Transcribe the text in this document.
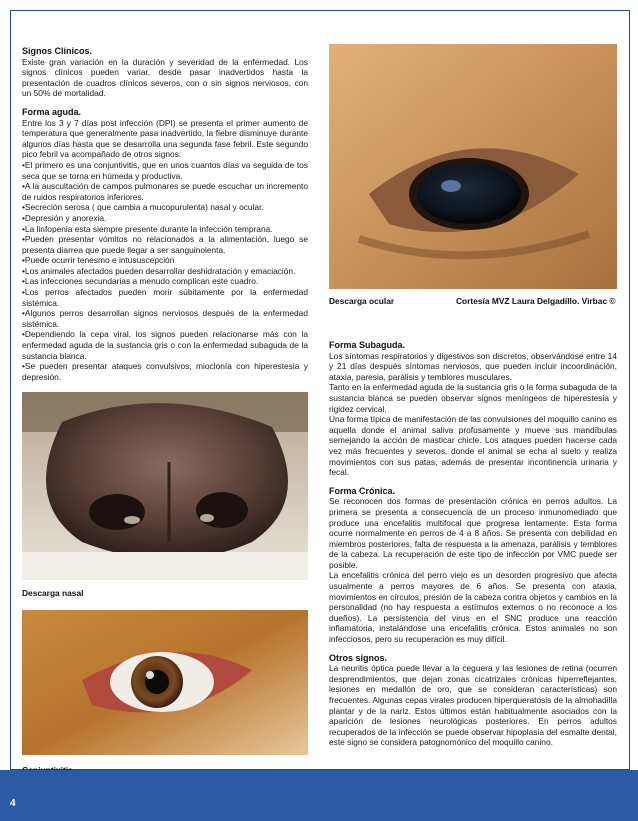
Signos Clínicos.

Existe gran variación en la duración y severidad de la enfermedad. Los signos clínicos pueden variar, desde pasar inadvertidos hasta la presentación de cuadros clínicos severos, con o sin signos nerviosos, con un 50% de mortalidad.

Forma aguda.

Entre los 3 y 7 días post infección (DPI) se presenta el primer aumento de temperatura que generalmente pasa inadvertido, la fiebre disminuye durante algunos días hasta que se desarrolla una segunda fase febril. Este segundo pico febril va acompañado de otros signos:

•El primero es una conjuntivitis, que en unos cuantos días va seguida de tos seca que se torna en húmeda y productiva.

•A la auscultación de campos pulmonares se puede escuchar un incremento de ruidos respiratorios inferiores.

•Secreción serosa ( que cambia a mucopurulenta) nasal y ocular.

•Depresión y anorexia.

•La linfopenia esta siempre presente durante la infección temprana.

•Pueden presentar vómitos no relacionados a la alimentación, luego se presenta diarrea que puede llegar a ser sanguinolenta.

•Puede ocurrir tenesmo e intususcepción

•Los animales afectados pueden desarrollar deshidratación y emaciación.

•Las infecciones secundarias a menudo complican este cuadro.

•Los perros afectados pueden morir súbitamente por la enfermedad sistémica.

•Algunos perros desarrollan signos nerviosos después de la enfermedad sistémica.

•Dependiendo la cepa viral, los signos pueden relacionarse más con la enfermedad aguda de la sustancia gris o con la enfermedad subaguda de la sustancia blanca.

•Se pueden presentar ataques convulsivos, mioclonía con hiperestesia y depresión.

Descarga nasal
Descarga ocular	Cortesía MVZ Laura Delgadillo. Virbac ©

Forma Subaguda.

Los síntomas respiratorios y digestivos son discretos, observándose entre 14 y 21 días después síntomas nerviosos, que pueden incluir incoordinación, ataxia, paresia, parálisis y temblores musculares.

Tanto en la enfermedad aguda de la sustancia gris o la forma subaguda de la sustancia blanca se pueden observar signos meníngeos de hiperestesia y rigidez cervical.

Una forma típica de manifestación de las convulsiones del moquillo canino es aquella donde el animal saliva profusamente y mueve sus mandíbulas semejando la acción de masticar chicle. Los ataques pueden hacerse cada vez más frecuentes y severos, donde el animal se echa al suelo y realiza movimientos con sus patas, además de presentar incontinencia urinaria y fecal.

Forma Crónica.

Se reconocen dos formas de presentación crónica en perros adultos. La primera se presenta a consecuencia de un proceso inmunomediado que produce una encefalitis multifocal que progresa lentamente. Esta forma ocurre normalmente en perros de 4 a 8 años. Se presenta con debilidad en miembros posteriores, falta de respuesta a la amenaza, parálisis y temblores de la cabeza. La recuperación de este tipo de infección por VMC puede ser posible.

La encefalitis crónica del perro viejo es un desorden progresivo que afecta usualmente a perros mayores de 6 años. Se presenta con ataxia, movimientos en círculos, presión de la cabeza contra objetos y cambios en la personalidad (no hay respuesta a estímulos externos o no reconoce a los dueños). La persistencia del virus en el SNC produce una reacción inflamatoria, instalándose una encefalitis crónica. Estos animales no son infecciosos, pero su recuperación es muy difícil.

Otros signos.

La neuritis óptica puede llevar a la ceguera y las lesiones de retina (ocurren desprendimientos, que dejan zonas cicatrizales crónicas hiperreflejantes, lesiones en medallón de oro, que se consideran características) son frecuentes. Algunas cepas virales producen hiperqueratosis de la almohadilla plantar y de la nariz. Estos últimos están habitualmente asociados con la aparición de lesiones neurológicas posteriores. En perros adultos recuperados de la infección se puede observar hipoplasia del esmalte dental, este signo se considera patognomónico del moquillo canino.

4
